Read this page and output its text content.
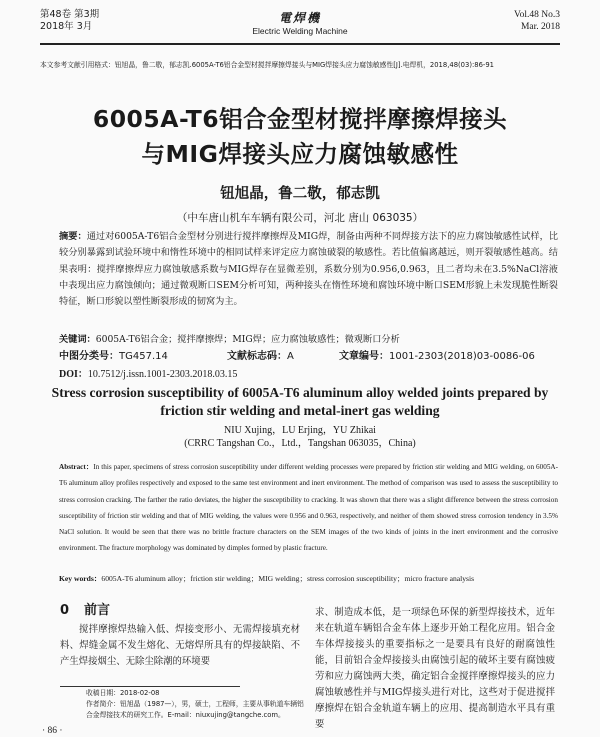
第48卷 第3期
2018年 3月
電焊機
Electric Welding Machine
Vol.48 No.3
Mar. 2018
本文参考文献引用格式：钮旭晶，鲁二敬，郁志凯.6005A-T6铝合金型材搅拌摩擦焊接头与MIG焊接头应力腐蚀敏感性[J].电焊机，2018,48(03):86-91
6005A-T6铝合金型材搅拌摩擦焊接头
与MIG焊接头应力腐蚀敏感性
钮旭晶，鲁二敬，郁志凯
（中车唐山机车车辆有限公司，河北 唐山 063035）
摘要：通过对6005A-T6铝合金型材分别进行搅拌摩擦焊及MIG焊，制备由两种不同焊接方法下的应力腐蚀敏感性试样，比较分别暴露到试验环境中和惰性环境中的相同试样来评定应力腐蚀破裂的敏感性。若比值偏离越远，则开裂敏感性越高。结果表明：搅拌摩擦焊应力腐蚀敏感系数与MIG焊存在显微差别，系数分别为0.956,0.963，且二者均未在3.5%NaCl溶液中表现出应力腐蚀倾向；通过微观断口SEM分析可知，两种接头在惰性环境和腐蚀环境中断口SEM形貌上未发现脆性断裂特征，断口形貌以塑性断裂形成的韧窝为主。
关键词：6005A-T6铝合金；搅拌摩擦焊；MIG焊；应力腐蚀敏感性；微观断口分析
中图分类号：TG457.14	文献标志码：A	文章编号：1001-2303(2018)03-0086-06
DOI：10.7512/j.issn.1001-2303.2018.03.15
Stress corrosion susceptibility of 6005A-T6 aluminum alloy welded joints prepared by friction stir welding and metal-inert gas welding
NIU Xujing，LU Erjing，YU Zhikai
(CRRC Tangshan Co.，Ltd.，Tangshan 063035，China)
Abstract：In this paper, specimens of stress corrosion susceptibility under different welding processes were prepared by friction stir welding and MIG welding, on 6005A-T6 aluminum alloy profiles respectively and exposed to the same test environment and inert environment. The method of comparison was used to assess the susceptibility to stress corrosion cracking. The farther the ratio deviates, the higher the susceptibility to cracking. It was shown that there was a slight difference between the stress corrosion susceptibility of friction stir welding and that of MIG welding, the values were 0.956 and 0.963, respectively, and neither of them showed stress corrosion tendency in 3.5% NaCl solution. It would be seen that there was no brittle fracture characters on the SEM images of the two kinds of joints in the inert environment and the corrosive environment. The fracture morphology was dominated by dimples formed by plastic fracture.
Key words：6005A-T6 aluminum alloy；friction stir welding；MIG welding；stress corrosion susceptibility；micro fracture analysis
0 前言
搅拌摩擦焊热输入低、焊接变形小、无需焊接填充材料、焊缝金属不发生熔化、无熔焊所具有的焊接缺陷、不产生焊接烟尘、无除尘除潮的环境要
求、制造成本低，是一项绿色环保的新型焊接技术，近年来在轨道车辆铝合金车体上逐步开始工程化应用。铝合金车体焊接接头的重要指标之一是要具有良好的耐腐蚀性能，目前铝合金焊接接头由腐蚀引起的破坏主要有腐蚀疲劳和应力腐蚀两大类，确定铝合金搅拌摩擦焊接头的应力腐蚀敏感性并与MIG焊接头进行对比，这些对于促进搅拌摩擦焊在铝合金轨道车辆上的应用、提高制造水平具有重要
收稿日期：2018-02-08
作者简介：钮旭晶（1987—），男，硕士，工程师，主要从事轨道车辆铝合金焊接技术的研究工作。E-mail：niuxujing@tangche.com。
· 86 ·
